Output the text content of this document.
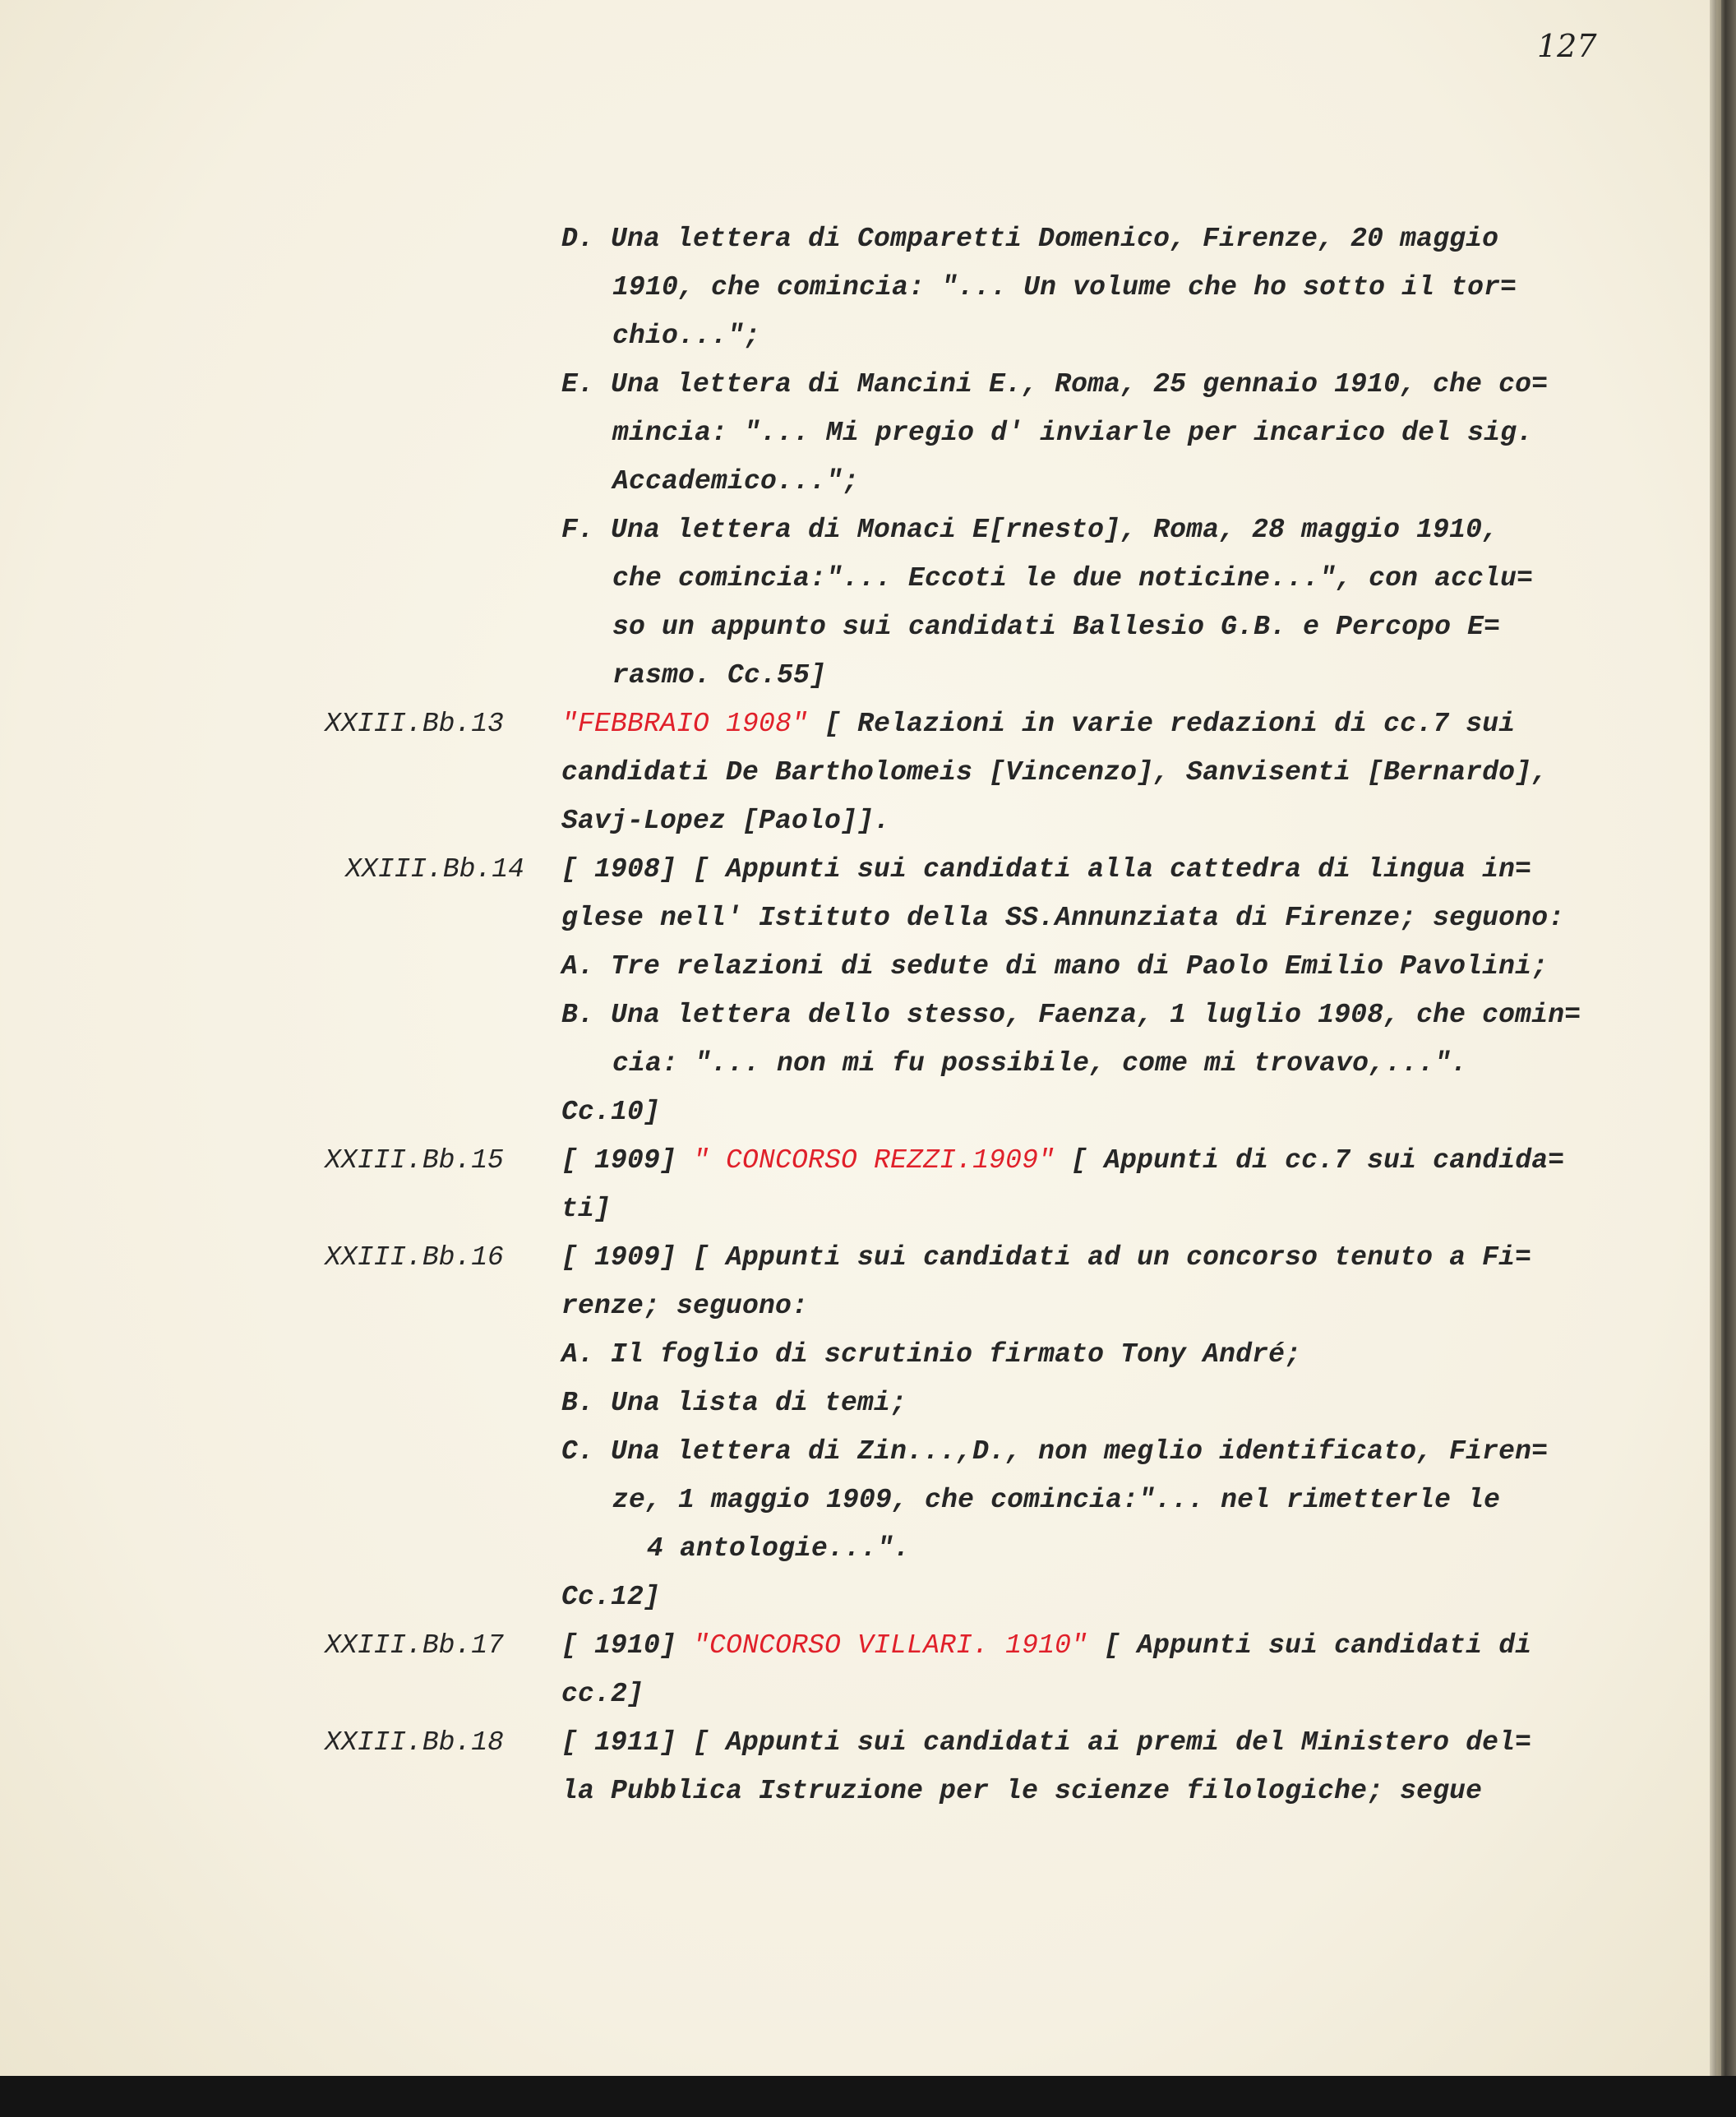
127
D. Una lettera di Comparetti Domenico, Firenze, 20 maggio
1910, che comincia: "... Un volume che ho sotto il tor=
chio...";
E. Una lettera di Mancini E., Roma, 25 gennaio 1910, che co=
mincia: "... Mi pregio d' inviarle per incarico del sig.
Accademico...";
F. Una lettera di Monaci E[rnesto], Roma, 28 maggio 1910,
che comincia:"... Eccoti le due noticine...", con acclu=
so un appunto sui candidati Ballesio G.B. e Percopo E=
rasmo. Cc.55]
XXIII.Bb.13	"FEBBRAIO 1908" [ Relazioni in varie redazioni di cc.7 sui
candidati De Bartholomeis [Vincenzo], Sanvisenti [Bernardo],
Savj-Lopez [Paolo]].
XXIII.Bb.14	[ 1908] [ Appunti sui candidati alla cattedra di lingua in=
glese nell' Istituto della SS.Annunziata di Firenze; seguono:
A. Tre relazioni di sedute di mano di Paolo Emilio Pavolini;
B. Una lettera dello stesso, Faenza, 1 luglio 1908, che comin=
cia: "... non mi fu possibile, come mi trovavo,...".
Cc.10]
XXIII.Bb.15	[ 1909] " CONCORSO REZZI.1909" [ Appunti di cc.7 sui candida=
ti]
XXIII.Bb.16	[ 1909] [ Appunti sui candidati ad un concorso tenuto a Fi=
renze; seguono:
A. Il foglio di scrutinio firmato Tony André;
B. Una lista di temi;
C. Una lettera di Zin...,D., non meglio identificato, Firen=
ze, 1 maggio 1909, che comincia:"... nel rimetterle le
4 antologie...".
Cc.12]
XXIII.Bb.17	[ 1910] "CONCORSO VILLARI. 1910" [ Appunti sui candidati di
cc.2]
XXIII.Bb.18	[ 1911] [ Appunti sui candidati ai premi del Ministero del=
la Pubblica Istruzione per le scienze filologiche; segue
